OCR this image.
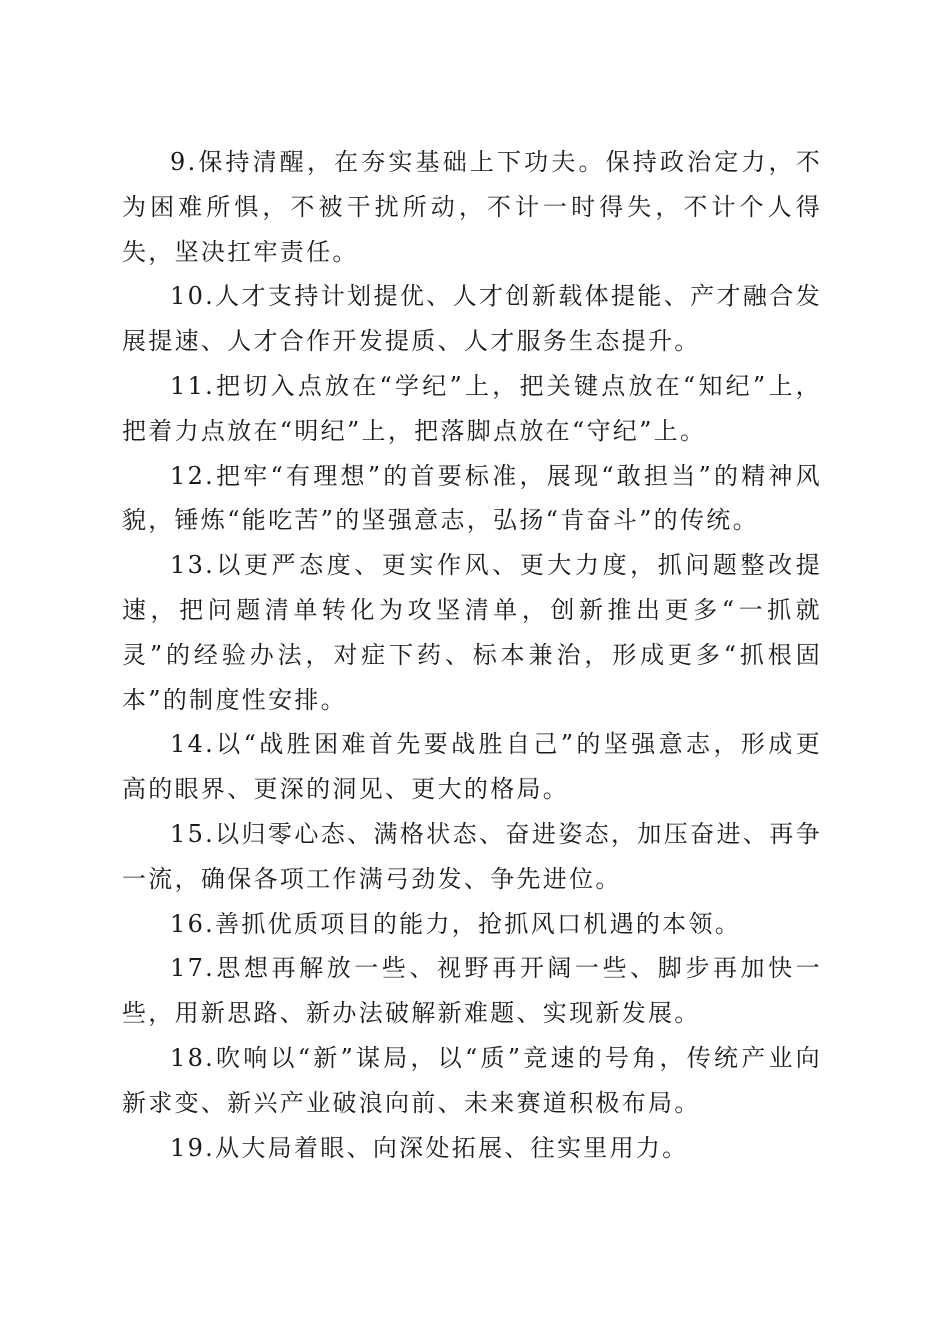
9.保持清醒，在夯实基础上下功夫。保持政治定力，不为困难所惧，不被干扰所动，不计一时得失，不计个人得失，坚决扛牢责任。

10.人才支持计划提优、人才创新载体提能、产才融合发展提速、人才合作开发提质、人才服务生态提升。

11.把切入点放在“学纪”上，把关键点放在“知纪”上，把着力点放在“明纪”上，把落脚点放在“守纪”上。

12.把牢“有理想”的首要标准，展现“敢担当”的精神风貌，锤炼“能吃苦”的坚强意志，弘扬“肯奋斗”的传统。

13.以更严态度、更实作风、更大力度，抓问题整改提速，把问题清单转化为攻坚清单，创新推出更多“一抓就灵”的经验办法，对症下药、标本兼治，形成更多“抓根固本”的制度性安排。

14.以“战胜困难首先要战胜自己”的坚强意志，形成更高的眼界、更深的洞见、更大的格局。

15.以归零心态、满格状态、奋进姿态，加压奋进、再争一流，确保各项工作满弓劲发、争先进位。

16.善抓优质项目的能力，抢抓风口机遇的本领。

17.思想再解放一些、视野再开阔一些、脚步再加快一些，用新思路、新办法破解新难题、实现新发展。

18.吹响以“新”谋局，以“质”竞速的号角，传统产业向新求变、新兴产业破浪向前、未来赛道积极布局。

19.从大局着眼、向深处拓展、往实里用力。
